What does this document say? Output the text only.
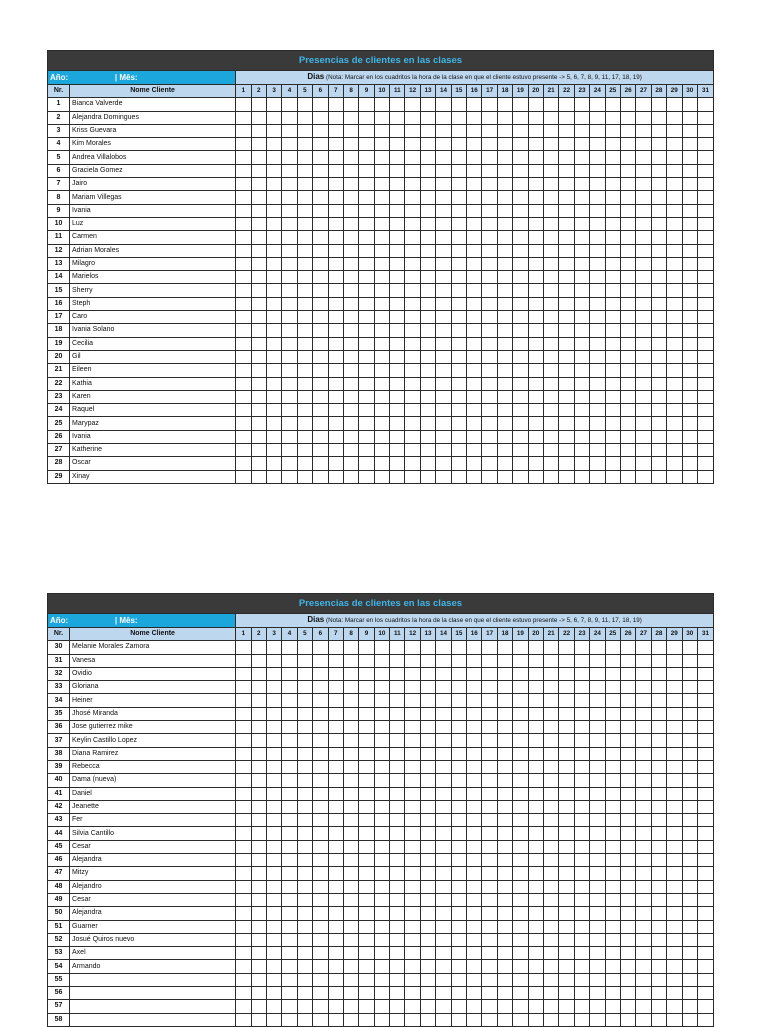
Presencias de clientes en las clases																																
Año: | Mês:		Dias (Nota: Marcar en los cuadritos la hora de la clase en que el cliente estuvo presente -> 5, 6, 7, 8, 9, 11, 17, 18, 19)																														
Nr.	Nome Cliente	1	2	3	4	5	6	7	8	9	10	11	12	13	14	15	16	17	18	19	20	21	22	23	24	25	26	27	28	29	30	31
1	Bianca Valverde																															
2	Alejandra Domingues																															
3	Kriss Guevara																															
4	Kim Morales																															
5	Andrea Villalobos																															
6	Graciela Gomez																															
7	Jairo																															
8	Mariam Villegas																															
9	Ivania																															
10	Luz																															
11	Carmen																															
12	Adrian Morales																															
13	Milagro																															
14	Marielos																															
15	Sherry																															
16	Steph																															
17	Caro																															
18	Ivania Solano																															
19	Cecilia																															
20	Gil																															
21	Eileen																															
22	Kathia																															
23	Karen																															
24	Raquel																															
25	Marypaz																															
26	Ivania																															
27	Katherine																															
28	Oscar																															
29	Xinay																															
Presencias de clientes en las clases																																
Año: | Mês:		Dias (Nota: Marcar en los cuadritos la hora de la clase en que el cliente estuvo presente -> 5, 6, 7, 8, 9, 11, 17, 18, 19)																														
Nr.	Nome Cliente	1	2	3	4	5	6	7	8	9	10	11	12	13	14	15	16	17	18	19	20	21	22	23	24	25	26	27	28	29	30	31
30	Melanie Morales Zamora																															
31	Vanesa																															
32	Ovidio																															
33	Gloriana																															
34	Heiner																															
35	Jhosé Miranda																															
36	Jose gutierrez mike																															
37	Keylin Castillo Lopez																															
38	Diana Ramirez																															
39	Rebecca																															
40	Dama (nueva)																															
41	Daniel																															
42	Jeanette																															
43	Fer																															
44	Silvia Cantillo																															
45	Cesar																															
46	Alejandra																															
47	Mitzy																															
48	Alejandro																															
49	Cesar																															
50	Alejandra																															
51	Guarner																															
52	Josué Quiros nuevo																															
53	Axel																															
54	Armando																															
55																																
56																																
57																																
58																																
